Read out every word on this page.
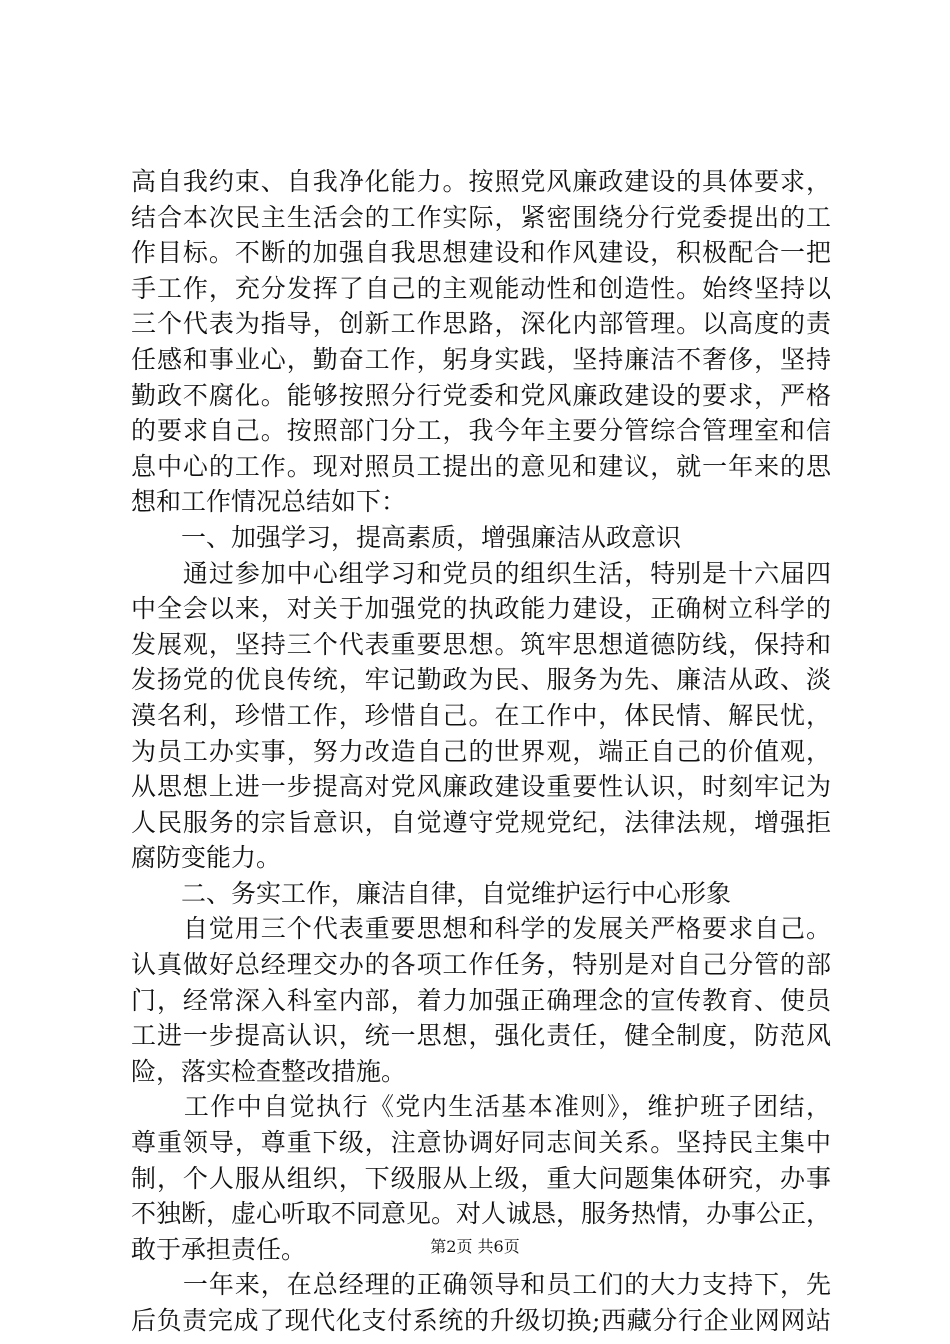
高自我约束、自我净化能力。按照党风廉政建设的具体要求，
结合本次民主生活会的工作实际，紧密围绕分行党委提出的工
作目标。不断的加强自我思想建设和作风建设，积极配合一把
手工作，充分发挥了自己的主观能动性和创造性。始终坚持以
三个代表为指导，创新工作思路，深化内部管理。以高度的责
任感和事业心，勤奋工作，躬身实践，坚持廉洁不奢侈，坚持
勤政不腐化。能够按照分行党委和党风廉政建设的要求，严格
的要求自己。按照部门分工，我今年主要分管综合管理室和信
息中心的工作。现对照员工提出的意见和建议，就一年来的思
想和工作情况总结如下：
　　一、加强学习，提高素质，增强廉洁从政意识
　　通过参加中心组学习和党员的组织生活，特别是十六届四
中全会以来，对关于加强党的执政能力建设，正确树立科学的
发展观，坚持三个代表重要思想。筑牢思想道德防线，保持和
发扬党的优良传统，牢记勤政为民、服务为先、廉洁从政、淡
漠名利，珍惜工作，珍惜自己。在工作中，体民情、解民忧，
为员工办实事，努力改造自己的世界观，端正自己的价值观，
从思想上进一步提高对党风廉政建设重要性认识，时刻牢记为
人民服务的宗旨意识，自觉遵守党规党纪，法律法规，增强拒
腐防变能力。
　　二、务实工作，廉洁自律，自觉维护运行中心形象
　　自觉用三个代表重要思想和科学的发展关严格要求自己。
认真做好总经理交办的各项工作任务，特别是对自己分管的部
门，经常深入科室内部，着力加强正确理念的宣传教育、使员
工进一步提高认识，统一思想，强化责任，健全制度，防范风
险，落实检查整改措施。
　　工作中自觉执行《党内生活基本准则》，维护班子团结，
尊重领导，尊重下级，注意协调好同志间关系。坚持民主集中
制，个人服从组织，下级服从上级，重大问题集体研究，办事
不独断，虚心听取不同意见。对人诚恳，服务热情，办事公正，
敢于承担责任。
　　一年来，在总经理的正确领导和员工们的大力支持下，先
后负责完成了现代化支付系统的升级切换;西藏分行企业网网站
第2页 共6页
